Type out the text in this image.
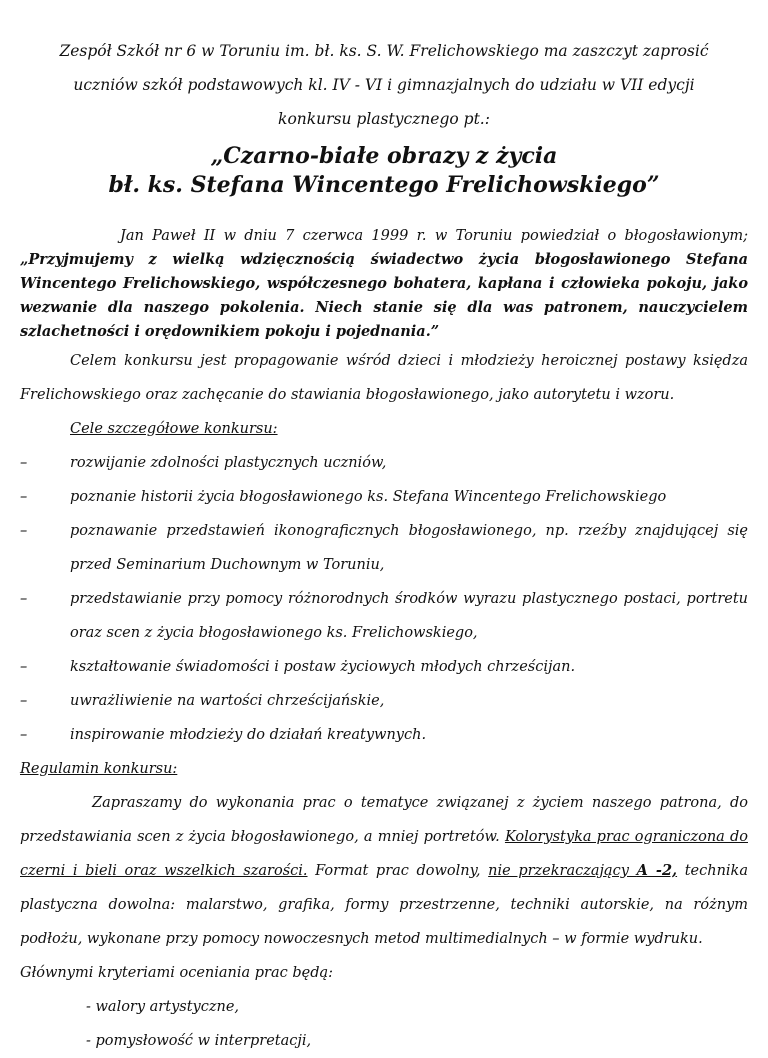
Zespół Szkół nr 6 w Toruniu im. bł. ks. S. W. Frelichowskiego ma zaszczyt zaprosić

uczniów szkół podstawowych kl. IV - VI i gimnazjalnych do udziału w VII edycji

konkursu plastycznego pt.:

„Czarno-białe obrazy z życia
bł. ks. Stefana Wincentego Frelichowskiego”

Jan Paweł II w dniu 7 czerwca 1999 r. w Toruniu powiedział o błogosławionym; „Przyjmujemy z wielką wdzięcznością świadectwo życia błogosławionego Stefana Wincentego Frelichowskiego, współczesnego bohatera, kapłana i człowieka pokoju, jako wezwanie dla naszego pokolenia. Niech stanie się dla was patronem, nauczycielem szlachetności i orędownikiem pokoju i pojednania.”

Celem konkursu jest propagowanie wśród dzieci i młodzieży heroicznej postawy księdza Frelichowskiego oraz zachęcanie do stawiania błogosławionego, jako autorytetu i wzoru.

Cele szczegółowe konkursu:
–	rozwijanie zdolności plastycznych uczniów,
–	poznanie historii życia błogosławionego ks. Stefana Wincentego Frelichowskiego
–	poznawanie przedstawień ikonograficznych błogosławionego, np. rzeźby znajdującej się przed Seminarium Duchownym w Toruniu,
–	przedstawianie przy pomocy różnorodnych środków wyrazu plastycznego postaci, portretu oraz scen z życia błogosławionego ks. Frelichowskiego,
–	kształtowanie świadomości i postaw życiowych młodych chrześcijan.
–	uwrażliwienie na wartości chrześcijańskie,
–	inspirowanie młodzieży do działań kreatywnych.
Regulamin konkursu:

Zapraszamy do wykonania prac o tematyce związanej z życiem naszego patrona, do przedstawiania scen z życia błogosławionego, a mniej portretów. Kolorystyka prac ograniczona do czerni i bieli oraz wszelkich szarości. Format prac dowolny, nie przekraczający A -2, technika plastyczna dowolna: malarstwo, grafika, formy przestrzenne, techniki autorskie, na różnym podłożu, wykonane przy pomocy nowoczesnych metod multimedialnych – w formie wydruku.

Głównymi kryteriami oceniania prac będą:
- walory artystyczne,
- pomysłowość w interpretacji,
